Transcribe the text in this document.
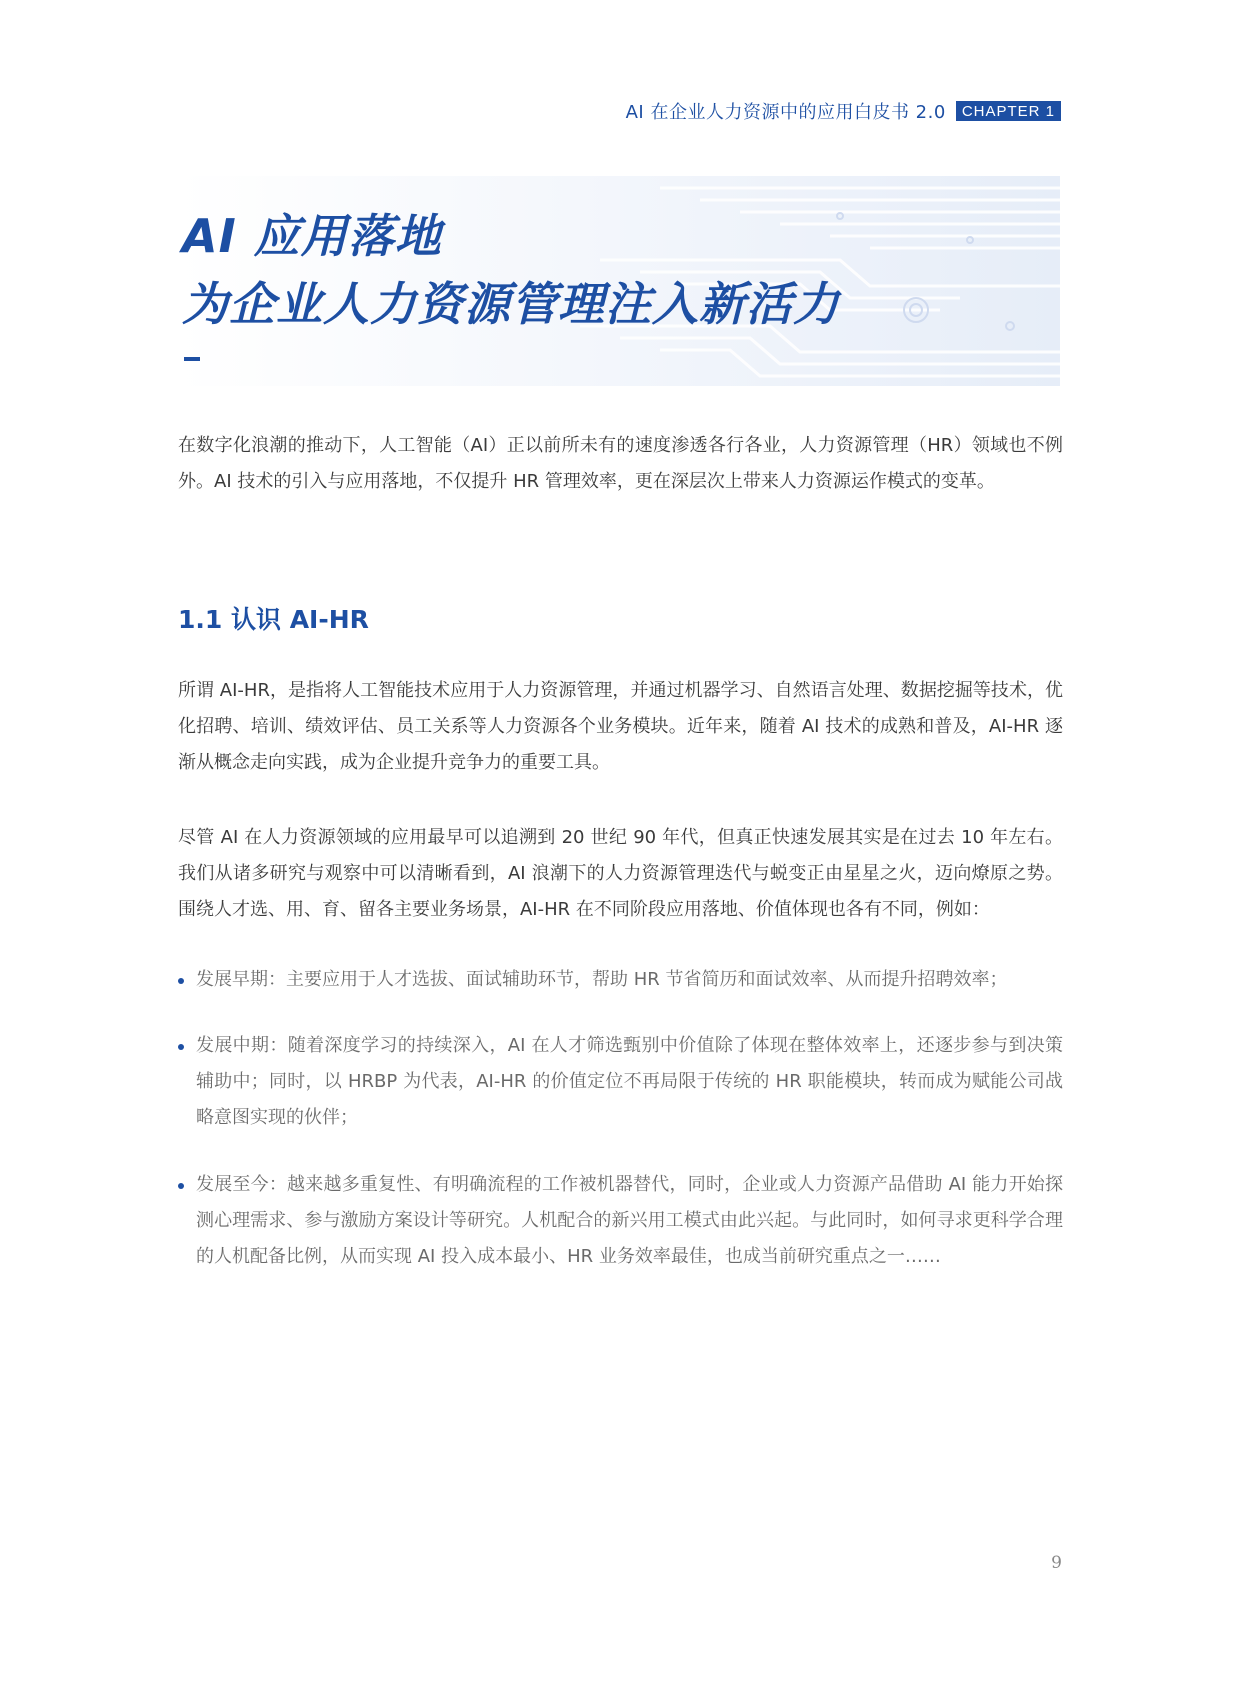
AI 在企业人力资源中的应用白皮书 2.0	CHAPTER 1
AI 应用落地
为企业人力资源管理注入新活力

在数字化浪潮的推动下，人工智能（AI）正以前所未有的速度渗透各行各业，人力资源管理（HR）领域也不例外。AI 技术的引入与应用落地，不仅提升 HR 管理效率，更在深层次上带来人力资源运作模式的变革。

1.1 认识 AI-HR

所谓 AI-HR，是指将人工智能技术应用于人力资源管理，并通过机器学习、自然语言处理、数据挖掘等技术，优化招聘、培训、绩效评估、员工关系等人力资源各个业务模块。近年来，随着 AI 技术的成熟和普及，AI-HR 逐渐从概念走向实践，成为企业提升竞争力的重要工具。

尽管 AI 在人力资源领域的应用最早可以追溯到 20 世纪 90 年代，但真正快速发展其实是在过去 10 年左右。我们从诸多研究与观察中可以清晰看到，AI 浪潮下的人力资源管理迭代与蜕变正由星星之火，迈向燎原之势。围绕人才选、用、育、留各主要业务场景，AI-HR 在不同阶段应用落地、价值体现也各有不同，例如：

发展早期：主要应用于人才选拔、面试辅助环节，帮助 HR 节省简历和面试效率、从而提升招聘效率；
发展中期：随着深度学习的持续深入，AI 在人才筛选甄别中价值除了体现在整体效率上，还逐步参与到决策辅助中；同时，以 HRBP 为代表，AI-HR 的价值定位不再局限于传统的 HR 职能模块，转而成为赋能公司战略意图实现的伙伴；
发展至今：越来越多重复性、有明确流程的工作被机器替代，同时，企业或人力资源产品借助 AI 能力开始探测心理需求、参与激励方案设计等研究。人机配合的新兴用工模式由此兴起。与此同时，如何寻求更科学合理的人机配备比例，从而实现 AI 投入成本最小、HR 业务效率最佳，也成当前研究重点之一……
9
